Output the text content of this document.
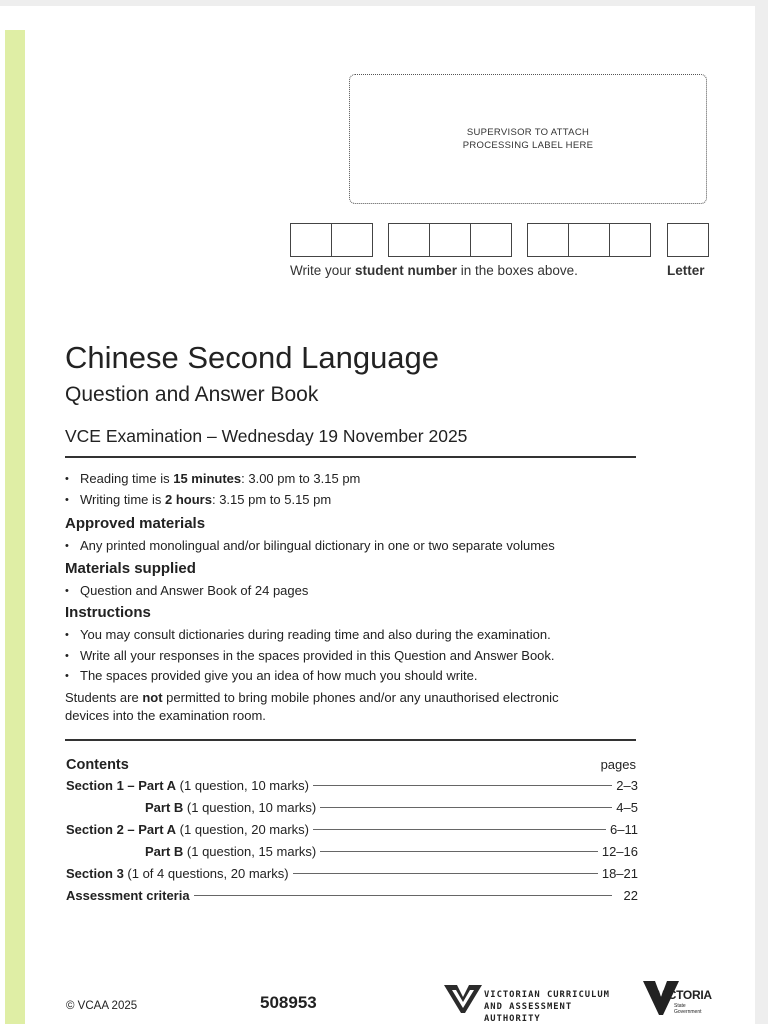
SUPERVISOR TO ATTACH
PROCESSING LABEL HERE
Write your student number in the boxes above.	Letter
Chinese Second Language
Question and Answer Book
VCE Examination – Wednesday 19 November 2025
• Reading time is 15 minutes: 3.00 pm to 3.15 pm
• Writing time is 2 hours: 3.15 pm to 5.15 pm
Approved materials
• Any printed monolingual and/or bilingual dictionary in one or two separate volumes
Materials supplied
• Question and Answer Book of 24 pages
Instructions
• You may consult dictionaries during reading time and also during the examination.
• Write all your responses in the spaces provided in this Question and Answer Book.
• The spaces provided give you an idea of how much you should write.
Students are not permitted to bring mobile phones and/or any unauthorised electronic
devices into the examination room.
Contents	pages
Section 1 – Part A (1 question, 10 marks)	2–3
Part B (1 question, 10 marks)	4–5
Section 2 – Part A (1 question, 20 marks)	6–11
Part B (1 question, 15 marks)	12–16
Section 3 (1 of 4 questions, 20 marks)	18–21
Assessment criteria	22
© VCAA 2025	508953	VICTORIAN CURRICULUM
AND ASSESSMENT AUTHORITY
VICTORIA
State
Government
